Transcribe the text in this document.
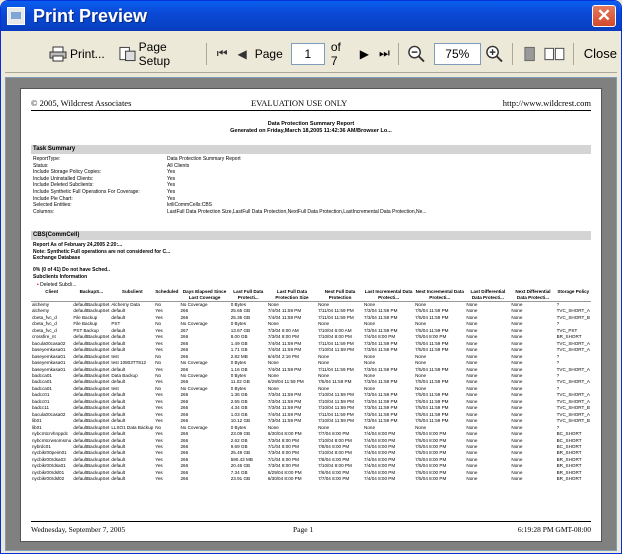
Print Preview	✕
Print...	Page Setup
⏮ ◀ Page	1	of 7	▶ ⏭	75%	Close
© 2005, Wildcrest Associates	EVALUATION USE ONLY	http://www.wildcrest.com
Data Protection Summary Report
Generated on Friday,March 18,2005 11:42:36 AM/Browser Lo...
Task Summary
ReportType:	Data Protection Summary Report
Status:	All Clients
Include Storage Policy Copies:	Yes
Include Uninstalled Clients:	Yes
Include Deleted Subclients:	Yes
Include Synthetic Full Operations For Coverage:	Yes
Include Pie Chart:	Yes
Selected Entities:	kriliCommCells:CBS
Columns:	LastFull Data Protection Size,LastFull Data Protection,NextFull Data Protection,LastIncremental Data Protection,Ne...
CBS(CommCell)
Report As of February 24,2005 2:20:...
Note: Synthetic Full operations are not considered for C...
Exchange Database
0% (0 of 41) Do not have Sched..
Subclients Information
• Deleted Subcli...
Client	BackupS...	Subclient	Scheduled	Days Elapsed Since Last Coverage	Last Full Data Protecti...	Last Full Data Protection Size	Next Full Data Protection	Last Incremental Data Protecti...	Next Incremental Data Protecti...	Last Differential Data Protecti...	Next Differential Data Protecti...	Storage Policy
alchemy	defaultBackupSet	Alchemy Data	No	No Coverage	0 Bytes	None	None	None	None	None	None	?
alchemy	defaultBackupSet	default	Yes	266	25.65 GB	7/4/04 11:59 PM	7/11/04 11:59 PM	7/3/04 11:59 PM	7/5/04 11:59 PM	None	None	TVC_SHORT_A
cbeta_fvc_d	File Backup	default	Yes	266	25.35 GB	7/4/04 11:59 PM	7/11/04 11:59 PM	7/3/04 11:59 PM	7/5/04 11:59 PM	None	None	TVC_SHORT_B
cbeta_fvc_d	File Backup	PST	No	No Coverage	0 Bytes	None	None	None	None	None	None	?
cbeta_fvc_d	PST Backup	default	Yes	267	13.67 GB	7/3/04 6:00 AM	7/10/04 6:00 AM	7/3/04 11:59 PM	7/5/04 11:59 PM	None	None	TVC_PST
crossfire_nt	defaultBackupSet	default	Yes	266	8.00 GB	7/3/04 8:00 PM	7/10/04 8:00 PM	7/4/04 8:00 PM	7/5/04 8:00 PM	None	None	BR_SHORT
bacula00casa02	defaultBackupSet	default	Yes	266	1.49 GB	7/4/04 11:59 PM	7/11/04 11:59 PM	7/3/04 11:59 PM	7/5/04 11:59 PM	None	None	TVC_SHORT_A
baseyemkasa01	defaultBackupSet	default	Yes	266	1.71 GB	7/4/04 11:59 PM	7/10/04 11:59 PM	7/3/04 11:59 PM	7/5/04 11:59 PM	None	None	TVC_SHORT_A
baseyemkasa01	defaultBackupSet	test	No	266	2.82 MB	6/4/04 2:16 PM	None	None	None	None	None	?
baseyemkasa01	defaultBackupSet	test 10803TT812	No	No Coverage	0 Bytes	None	None	None	None	None	None	?
baseyemkasa01	defaultBackupSet	default	Yes	266	1.16 GB	7/4/04 11:59 PM	7/11/04 11:59 PM	7/3/04 11:59 PM	7/5/04 11:59 PM	None	None	TVC_SHORT_A
badcca01	defaultBackupSet	Data Backup	No	No Coverage	0 Bytes	None	None	None	None	None	None	?
badcca01	defaultBackupSet	default	Yes	266	11.02 GB	6/29/04 11:59 PM	7/5/04 11:59 PM	7/3/04 11:59 PM	7/5/04 11:59 PM	None	None	TVC_SHORT_A
badcca01	defaultBackupSet	test	No	No Coverage	0 Bytes	None	None	None	None	None	None	?
badcc01	defaultBackupSet	default	Yes	266	1.36 GB	7/3/04 11:59 PM	7/10/04 11:59 PM	7/3/04 11:59 PM	7/5/04 11:59 PM	None	None	TVC_SHORT_A
badcc01	defaultBackupSet	default	Yes	266	2.55 GB	7/3/04 11:59 PM	7/10/04 11:59 PM	7/3/04 11:59 PM	7/5/04 11:59 PM	None	None	TVC_SHORT_A
badcc11	defaultBackupSet	default	Yes	266	4.34 GB	7/3/04 11:59 PM	7/10/04 11:59 PM	7/3/04 11:59 PM	7/5/04 11:59 PM	None	None	TVC_SHORT_B
bacula00casa02	defaultBackupSet	default	Yes	266	1.03 GB	7/4/04 11:59 PM	7/11/04 11:59 PM	7/3/04 11:59 PM	7/5/04 11:59 PM	None	None	TVC_SHORT_A
lib01	defaultBackupSet	default	Yes	266	10.12 GB	7/3/04 11:59 PM	7/10/04 11:59 PM	7/3/04 11:59 PM	7/5/04 11:59 PM	None	None	TVC_SHORT_B
lib01	defaultBackupSet	LLSO1 Data Backup	No	No Coverage	0 Bytes	None	None	None	None	None	None	?
nybcmtcrvhnppdc	defaultBackupSet	default	Yes	266	23.09 GB	6/30/04 8:00 PM	7/7/04 8:00 PM	7/4/04 8:00 PM	7/5/04 8:00 PM	None	None	BC_SHORT
nybcmtcrwsomsmu	defaultBackupSet	default	Yes	266	2.62 GB	7/3/04 8:00 PM	7/10/04 8:00 PM	7/4/04 8:00 PM	7/5/04 8:00 PM	None	None	BC_SHORT
nybrdc01	defaultBackupSet	default	Yes	266	9.69 GB	7/1/04 8:00 PM	7/8/04 8:00 PM	7/4/04 8:00 PM	7/5/04 8:00 PM	None	None	BC_SHORT
nycbikr00peim01	defaultBackupSet	default	Yes	266	25.49 GB	7/3/04 8:00 PM	7/10/04 8:00 PM	7/4/04 8:00 PM	7/5/04 8:00 PM	None	None	BR_SHORT
nycbikr00rdsa03	defaultBackupSet	default	Yes	266	590.43 MB	7/1/04 6:00 PM	7/8/04 6:00 PM	7/4/04 8:00 PM	7/5/04 8:00 PM	None	None	BR_SHORT
nycbikr00rdsa01	defaultBackupSet	default	Yes	266	20.46 GB	7/3/04 8:00 PM	7/10/04 8:00 PM	7/4/04 8:00 PM	7/5/04 8:00 PM	None	None	BR_SHORT
nycbikr00rdsl01	defaultBackupSet	default	Yes	266	7.34 GB	6/29/04 8:00 PM	7/6/04 8:00 PM	7/4/04 8:00 PM	7/5/04 8:00 PM	None	None	BR_SHORT
nycbikr00rdsl02	defaultBackupSet	default	Yes	266	23.91 GB	6/30/04 8:00 PM	7/7/04 8:00 PM	7/4/04 8:00 PM	7/5/04 8:00 PM	None	None	BR_SHORT
Wednesday, September 7, 2005	Page 1	6:19:28 PM GMT-08:00
